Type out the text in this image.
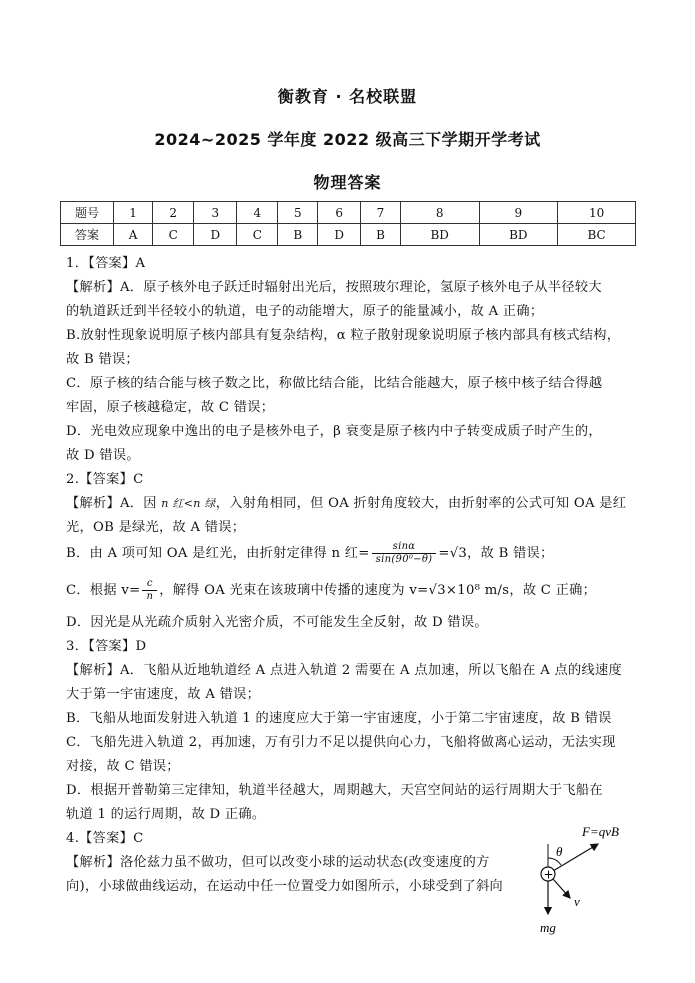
衡教育 · 名校联盟
2024~2025 学年度 2022 级高三下学期开学考试
物理答案
题号	1	2	3	4	5	6	7	8	9	10
答案	A	C	D	C	B	D	B	BD	BD	BC
1．【答案】A
【解析】A．原子核外电子跃迁时辐射出光后，按照玻尔理论，氢原子核外电子从半径较大
的轨道跃迁到半径较小的轨道，电子的动能增大，原子的能量减小，故 A 正确；
B.放射性现象说明原子核内部具有复杂结构，α 粒子散射现象说明原子核内部具有核式结构，
故 B 错误；
C．原子核的结合能与核子数之比，称做比结合能，比结合能越大，原子核中核子结合得越
牢固，原子核越稳定，故 C 错误；
D．光电效应现象中逸出的电子是核外电子，β 衰变是原子核内中子转变成质子时产生的，
故 D 错误。
2.【答案】C
【解析】A．因 n 红<n 绿，入射角相同，但 OA 折射角度较大，由折射率的公式可知 OA 是红
光，OB 是绿光，故 A 错误；
B．由 A 项可知 OA 是红光，由折射定律得 n 红= $\frac{\sin\alpha}{\text{sin(90⁰−θ)}} =√3$，故 B 错误；
C．根据 $v= \frac{c}{n}$ ，解得 OA 光束在该玻璃中传播的速度为 v=√3×10⁸ m/s，故 C 正确；
D．因光是从光疏介质射入光密介质，不可能发生全反射，故 D 错误。
3．【答案】D
【解析】A．飞船从近地轨道经 A 点进入轨道 2 需要在 A 点加速，所以飞船在 A 点的线速度
大于第一宇宙速度，故 A 错误；
B．飞船从地面发射进入轨道 1 的速度应大于第一宇宙速度，小于第二宇宙速度，故 B 错误
C．飞船先进入轨道 2，再加速，万有引力不足以提供向心力，飞船将做离心运动，无法实现
对接，故 C 错误；
D．根据开普勒第三定律知，轨道半径越大，周期越大，天宫空间站的运行周期大于飞船在
轨道 1 的运行周期，故 D 正确。
4.【答案】C
【解析】洛伦兹力虽不做功，但可以改变小球的运动状态(改变速度的方
向)，小球做曲线运动，在运动中任一位置受力如图所示，小球受到了斜向
F=qvB
θ
+
v
mg
